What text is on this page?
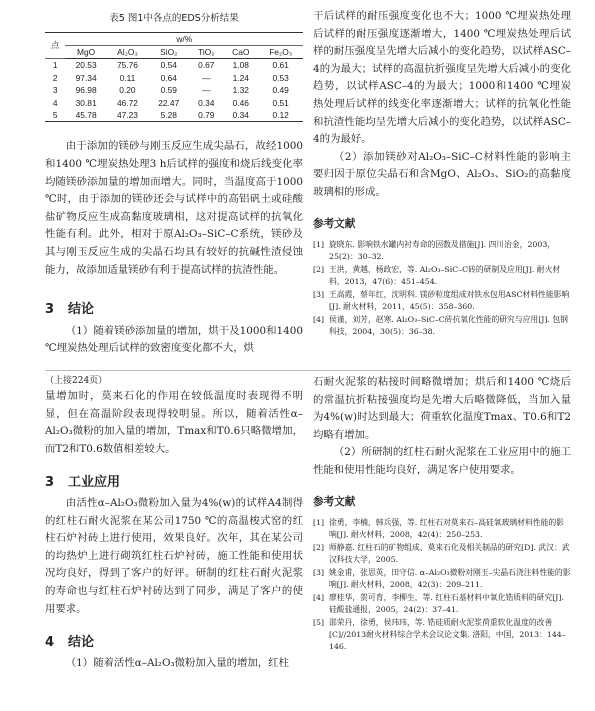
表5 图1中各点的EDS分析结果
点	w/%					
	MgO	Al₂O₃	SiO₂	TiO₂	CaO	Fe₂O₃
1	20.53	75.76	0.54	0.67	1.08	0.61
2	97.34	0.11	0.64	—	1.24	0.53
3	96.98	0.20	0.59	—	1.32	0.49
4	30.81	46.72	22.47	0.34	0.46	0.51
5	45.78	47.23	5.28	0.79	0.34	0.12

由于添加的镁砂与刚玉反应生成尖晶石，故经1000和1400 ℃埋炭热处理3 h后试样的强度和烧后线变化率均随镁砂添加量的增加而增大。同时，当温度高于1000 ℃时，由于添加的镁砂还会与试样中的高铝矾土或硅酸盐矿物反应生成高黏度玻璃相，这对提高试样的抗氧化性能有利。此外，相对于原Al₂O₃–SiC–C系统，镁砂及其与刚玉反应生成的尖晶石均具有较好的抗碱性渣侵蚀能力，故添加适量镁砂有利于提高试样的抗渣性能。

3 结论

（1）随着镁砂添加量的增加，烘干及1000和1400 ℃埋炭热处理后试样的致密度变化都不大，烘

干后试样的耐压强度变化也不大；1000 ℃埋炭热处理后试样的耐压强度逐渐增大，1400 ℃埋炭热处理后试样的耐压强度呈先增大后减小的变化趋势，以试样ASC–4的为最大；试样的高温抗折强度呈先增大后减小的变化趋势，以试样ASC–4的为最大；1000和1400 ℃埋炭热处理后试样的线变化率逐渐增大；试样的抗氧化性能和抗渣性能均呈先增大后减小的变化趋势，以试样ASC–4的为最好。

（2）添加镁砂对Al₂O₃–SiC–C材料性能的影响主要归因于原位尖晶石和含MgO、Al₂O₃、SiO₂的高黏度玻璃相的形成。

参考文献
[1] 旋晓东. 影响铁水罐内衬寿命的因数及措施[J]. 四川冶金，2003，25(2)：30–32.
[2] 王洪，黄越，杨政宏，等. Al₂O₃–SiC–C砖的研制及应用[J]. 耐火材料，2013，47(6)：451–454.
[3] 王高霞，蔡年红，沈明科. 镁砂粒度组成对铁水包用ASC材料性能影响[J]. 耐火材料，2011，45(5)：358–360.
[4] 侯谨，刘芳，赵寒. Al₂O₃–SiC–C砖抗氧化性能的研究与应用[J]. 包钢科技，2004，30(5)：36–38.
（上接224页）

量增加时，莫来石化的作用在较低温度时表现得不明显，但在高温阶段表现得较明显。所以，随着活性α–Al₂O₃微粉的加入量的增加，Tmax和T0.6只略微增加，而T2和T0.6数值相差较大。

3 工业应用

由活性α–Al₂O₃微粉加入量为4%(w)的试样A4制得的红柱石耐火泥浆在某公司1750 ℃的高温梭式窑的红柱石炉衬砖上进行使用，效果良好。次年，其在某公司的均热炉上进行砌筑红柱石炉衬砖，施工性能和使用状况均良好，得到了客户的好评。研制的红柱石耐火泥浆的寿命也与红柱石炉衬砖达到了同步，满足了客户的使用要求。

4 结论

（1）随着活性α–Al₂O₃微粉加入量的增加，红柱

石耐火泥浆的粘接时间略微增加；烘后和1400 ℃烧后的常温抗折粘接强度均是先增大后略微降低，当加入量为4%(w)时达到最大；荷重软化温度Tmax、T0.6和T2均略有增加。

（2）所研制的红柱石耐火泥浆在工业应用中的施工性能和使用性能均良好，满足客户使用要求。

参考文献
[1] 徐勇，李楠，韩兵强，等. 红柱石对莫来石–高硅氧玻璃材料性能的影响[J]. 耐火材料，2008，42(4)：250–253.
[2] 师静嘉. 红柱石的矿物组成、莫来石化及相关制品的研究[D]. 武汉：武汉科技大学，2005.
[3] 姚金甫，张思英，田守信. α–Al₂O₃微粉对刚玉–尖晶石浇注料性能的影响[J]. 耐火材料，2008，42(3)：209–211.
[4] 廖桂华，贺可育，李柳生，等. 红柱石基材料中氧化锆质料的研究[J]. 硅酸盐通报，2005，24(2)：37–41.
[5] 邵荣丹，徐勇，侯玮玮，等. 锆硅质耐火泥浆荷重软化温度的改善[C]//2013耐火材料综合学术会议论文集. 洛阳，中国，2013：144–146.
